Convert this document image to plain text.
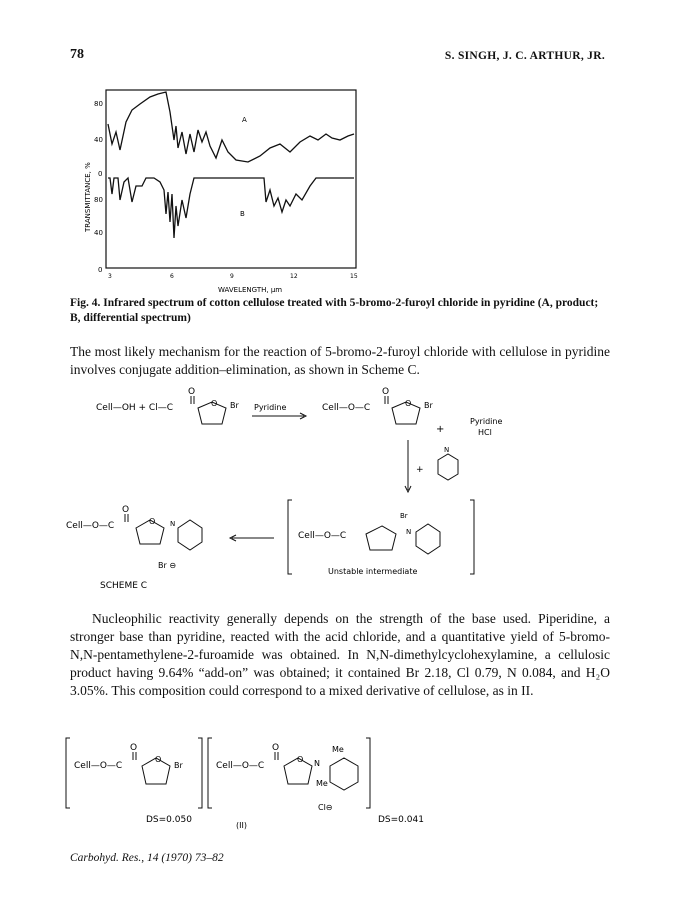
78	S. SINGH, J. C. ARTHUR, JR.
TRANSMITTANCE, %
80
40
0
80
40
0
3	6	9	12	15
WAVELENGTH, µm
A
B
Fig. 4. Infrared spectrum of cotton cellulose treated with 5-bromo-2-furoyl chloride in pyridine (A, product; B, differential spectrum)
The most likely mechanism for the reaction of 5-bromo-2-furoyl chloride with cellulose in pyridine involves conjugate addition–elimination, as shown in Scheme C.
Cell—OH + Cl—C
O
O Br Pyridine	Cell—O—C
O
O Br
+
Pyridine
HCl
+
N
Cell—O—C
Br
N
Unstable intermediate
Cell—O—C
O
O N
Br ⊖
SCHEME C
Nucleophilic reactivity generally depends on the strength of the base used. Piperidine, a stronger base than pyridine, reacted with the acid chloride, and a quantitative yield of 5-bromo-N,N-pentamethylene-2-furoamide was obtained. In N,N-dimethylcyclohexylamine, a cellulosic product having 9.64% “add-on” was obtained; it contained Br 2.18, Cl 0.79, N 0.084, and H₂O 3.05%. This composition could correspond to a mixed derivative of cellulose, as in II.
Cell—O—C
O
O
Br
DS=0.050
Cell—O—C
O
O N
Me
Me
Cl⊖
DS=0.041
(II)
Carbohyd. Res., 14 (1970) 73–82
